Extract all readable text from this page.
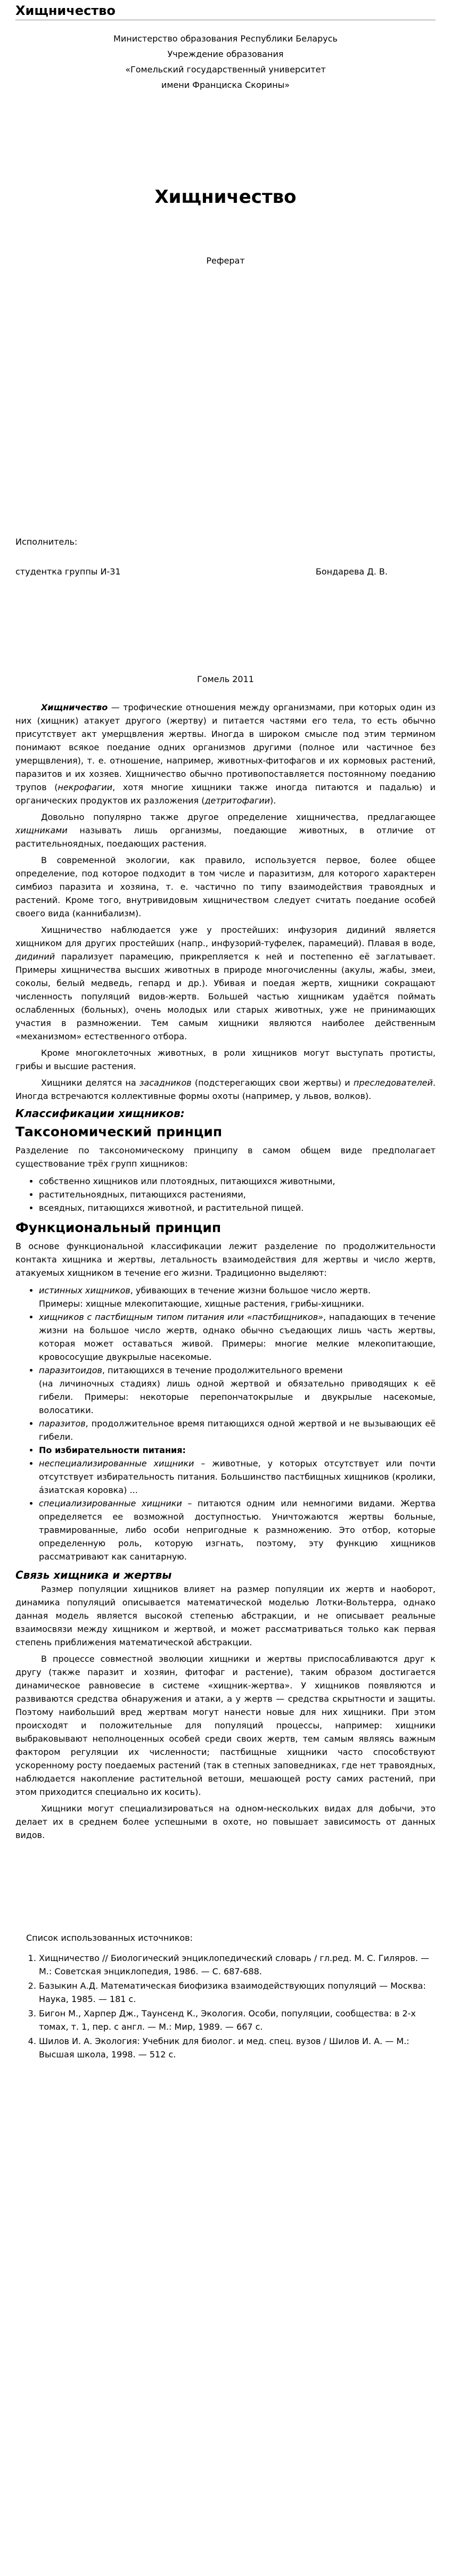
Хищничество
Министерство образования Республики Беларусь
Учреждение образования
«Гомельский государственный университет
имени Франциска Скорины»
Хищничество
Реферат
Исполнитель:
студентка группы И-31	Бондарева Д. В.
Гомель 2011

Хищничество — трофические отношения между организмами, при которых один из них (хищник) атакует другого (жертву) и питается частями его тела, то есть обычно присутствует акт умерщвления жертвы. Иногда в широком смысле под этим термином понимают всякое поедание одних организмов другими (полное или частичное без умерщвления), т. е. отношение, например, животных-фитофагов и их кормовых растений, паразитов и их хозяев. Хищничество обычно противопоставляется постоянному поеданию трупов (некрофагии, хотя многие хищники также иногда питаются и падалью) и органических продуктов их разложения (детритофагии).

Довольно популярно также другое определение хищничества, предлагающее хищниками называть лишь организмы, поедающие животных, в отличие от растительноядных, поедающих растения.

В современной экологии, как правило, используется первое, более общее определение, под которое подходит в том числе и паразитизм, для которого характерен симбиоз паразита и хозяина, т. е. частично по типу взаимодействия травоядных и растений. Кроме того, внутривидовым хищничеством следует считать поедание особей своего вида (каннибализм).

Хищничество наблюдается уже у простейших: инфузория дидиний является хищником для других простейших (напр., инфузорий-туфелек, парамеций). Плавая в воде, дидиний парализует парамецию, прикрепляется к ней и постепенно её заглатывает. Примеры хищничества высших животных в природе многочисленны (акулы, жабы, змеи, соколы, белый медведь, гепард и др.). Убивая и поедая жертв, хищники сокращают численность популяций видов-жертв. Большей частью хищникам удаётся поймать ослабленных (больных), очень молодых или старых животных, уже не принимающих участия в размножении. Тем самым хищники являются наиболее действенным «механизмом» естественного отбора.

Кроме многоклеточных животных, в роли хищников могут выступать протисты, грибы и высшие растения.

Хищники делятся на засадников (подстерегающих свои жертвы) и преследователей. Иногда встречаются коллективные формы охоты (например, у львов, волков).

Классификации хищников:
Таксономический принцип

Разделение по таксономическому принципу в самом общем виде предполагает существование трёх групп хищников:

• собственно хищников или плотоядных, питающихся животными,
• растительноядных, питающихся растениями,
• всеядных, питающихся животной, и растительной пищей.
Функциональный принцип

В основе функциональной классификации лежит разделение по продолжительности контакта хищника и жертвы, летальность взаимодействия для жертвы и число жертв, атакуемых хищником в течение его жизни. Традиционно выделяют:

• истинных хищников, убивающих в течение жизни большое число жертв.
Примеры: хищные млекопитающие, хищные растения, грибы-хищники.

• хищников с пастбищным типом питания или «пастбищников», нападающих в течение жизни на большое число жертв, однако обычно съедающих лишь часть жертвы, которая может оставаться живой. Примеры: многие мелкие млекопитающие, кровососущие двукрылые насекомые.

• паразитоидов, питающихся в течение продолжительного времени
(на личиночных стадиях) лишь одной жертвой и обязательно приводящих к её гибели. Примеры: некоторые перепончатокрылые и двукрылые насекомые, волосатики.

• паразитов, продолжительное время питающихся одной жертвой и не вызывающих её гибели.

• По избирательности питания:

• неспециализированные хищники – животные, у которых отсутствует или почти отсутствует избирательность питания. Большинство пастбищных хищников (кролики, áзиатская коровка) ...

• специализированные хищники – питаются одним или немногими видами. Жертва определяется ее возможной доступностью. Уничтожаются жертвы больные, травмированные, либо особи непригодные к размножению. Это отбор, которые определенную роль, которую изгнать, поэтому, эту функцию хищников рассматривают как санитарную.

Связь хищника и жертвы

Размер популяции хищников влияет на размер популяции их жертв и наоборот, динамика популяций описывается математической моделью Лотки-Вольтерра, однако данная модель является высокой степенью абстракции, и не описывает реальные взаимосвязи между хищником и жертвой, и может рассматриваться только как первая степень приближения математической абстракции.

В процессе совместной эволюции хищники и жертвы приспосабливаются друг к другу (также паразит и хозяин, фитофаг и растение), таким образом достигается динамическое равновесие в системе «хищник-жертва». У хищников появляются и развиваются средства обнаружения и атаки, а у жертв — средства скрытности и защиты. Поэтому наибольший вред жертвам могут нанести новые для них хищники. При этом происходят и положительные для популяций процессы, например: хищники выбраковывают неполноценных особей среди своих жертв, тем самым являясь важным фактором регуляции их численности; пастбищные хищники часто способствуют ускоренному росту поедаемых растений (так в степных заповедниках, где нет травоядных, наблюдается накопление растительной ветоши, мешающей росту самих растений, при этом приходится специально их косить).

Хищники могут специализироваться на одном-нескольких видах для добычи, это делает их в среднем более успешными в охоте, но повышает зависимость от данных видов.

Список использованных источников:
1. Хищничество // Биологический энциклопедический словарь / гл.ред. М. С. Гиляров. — М.: Советская энциклопедия, 1986. — С. 687-688.
2. Базыкин А.Д. Математическая биофизика взаимодействующих популяций — Москва: Наука, 1985. — 181 с.
3. Бигон М., Харпер Дж., Таунсенд К., Экология. Особи, популяции, сообщества: в 2-х томах, т. 1, пер. с англ. — М.: Мир, 1989. — 667 с.
4. Шилов И. А. Экология: Учебник для биолог. и мед. спец. вузов / Шилов И. А. — М.: Высшая школа, 1998. — 512 с.
